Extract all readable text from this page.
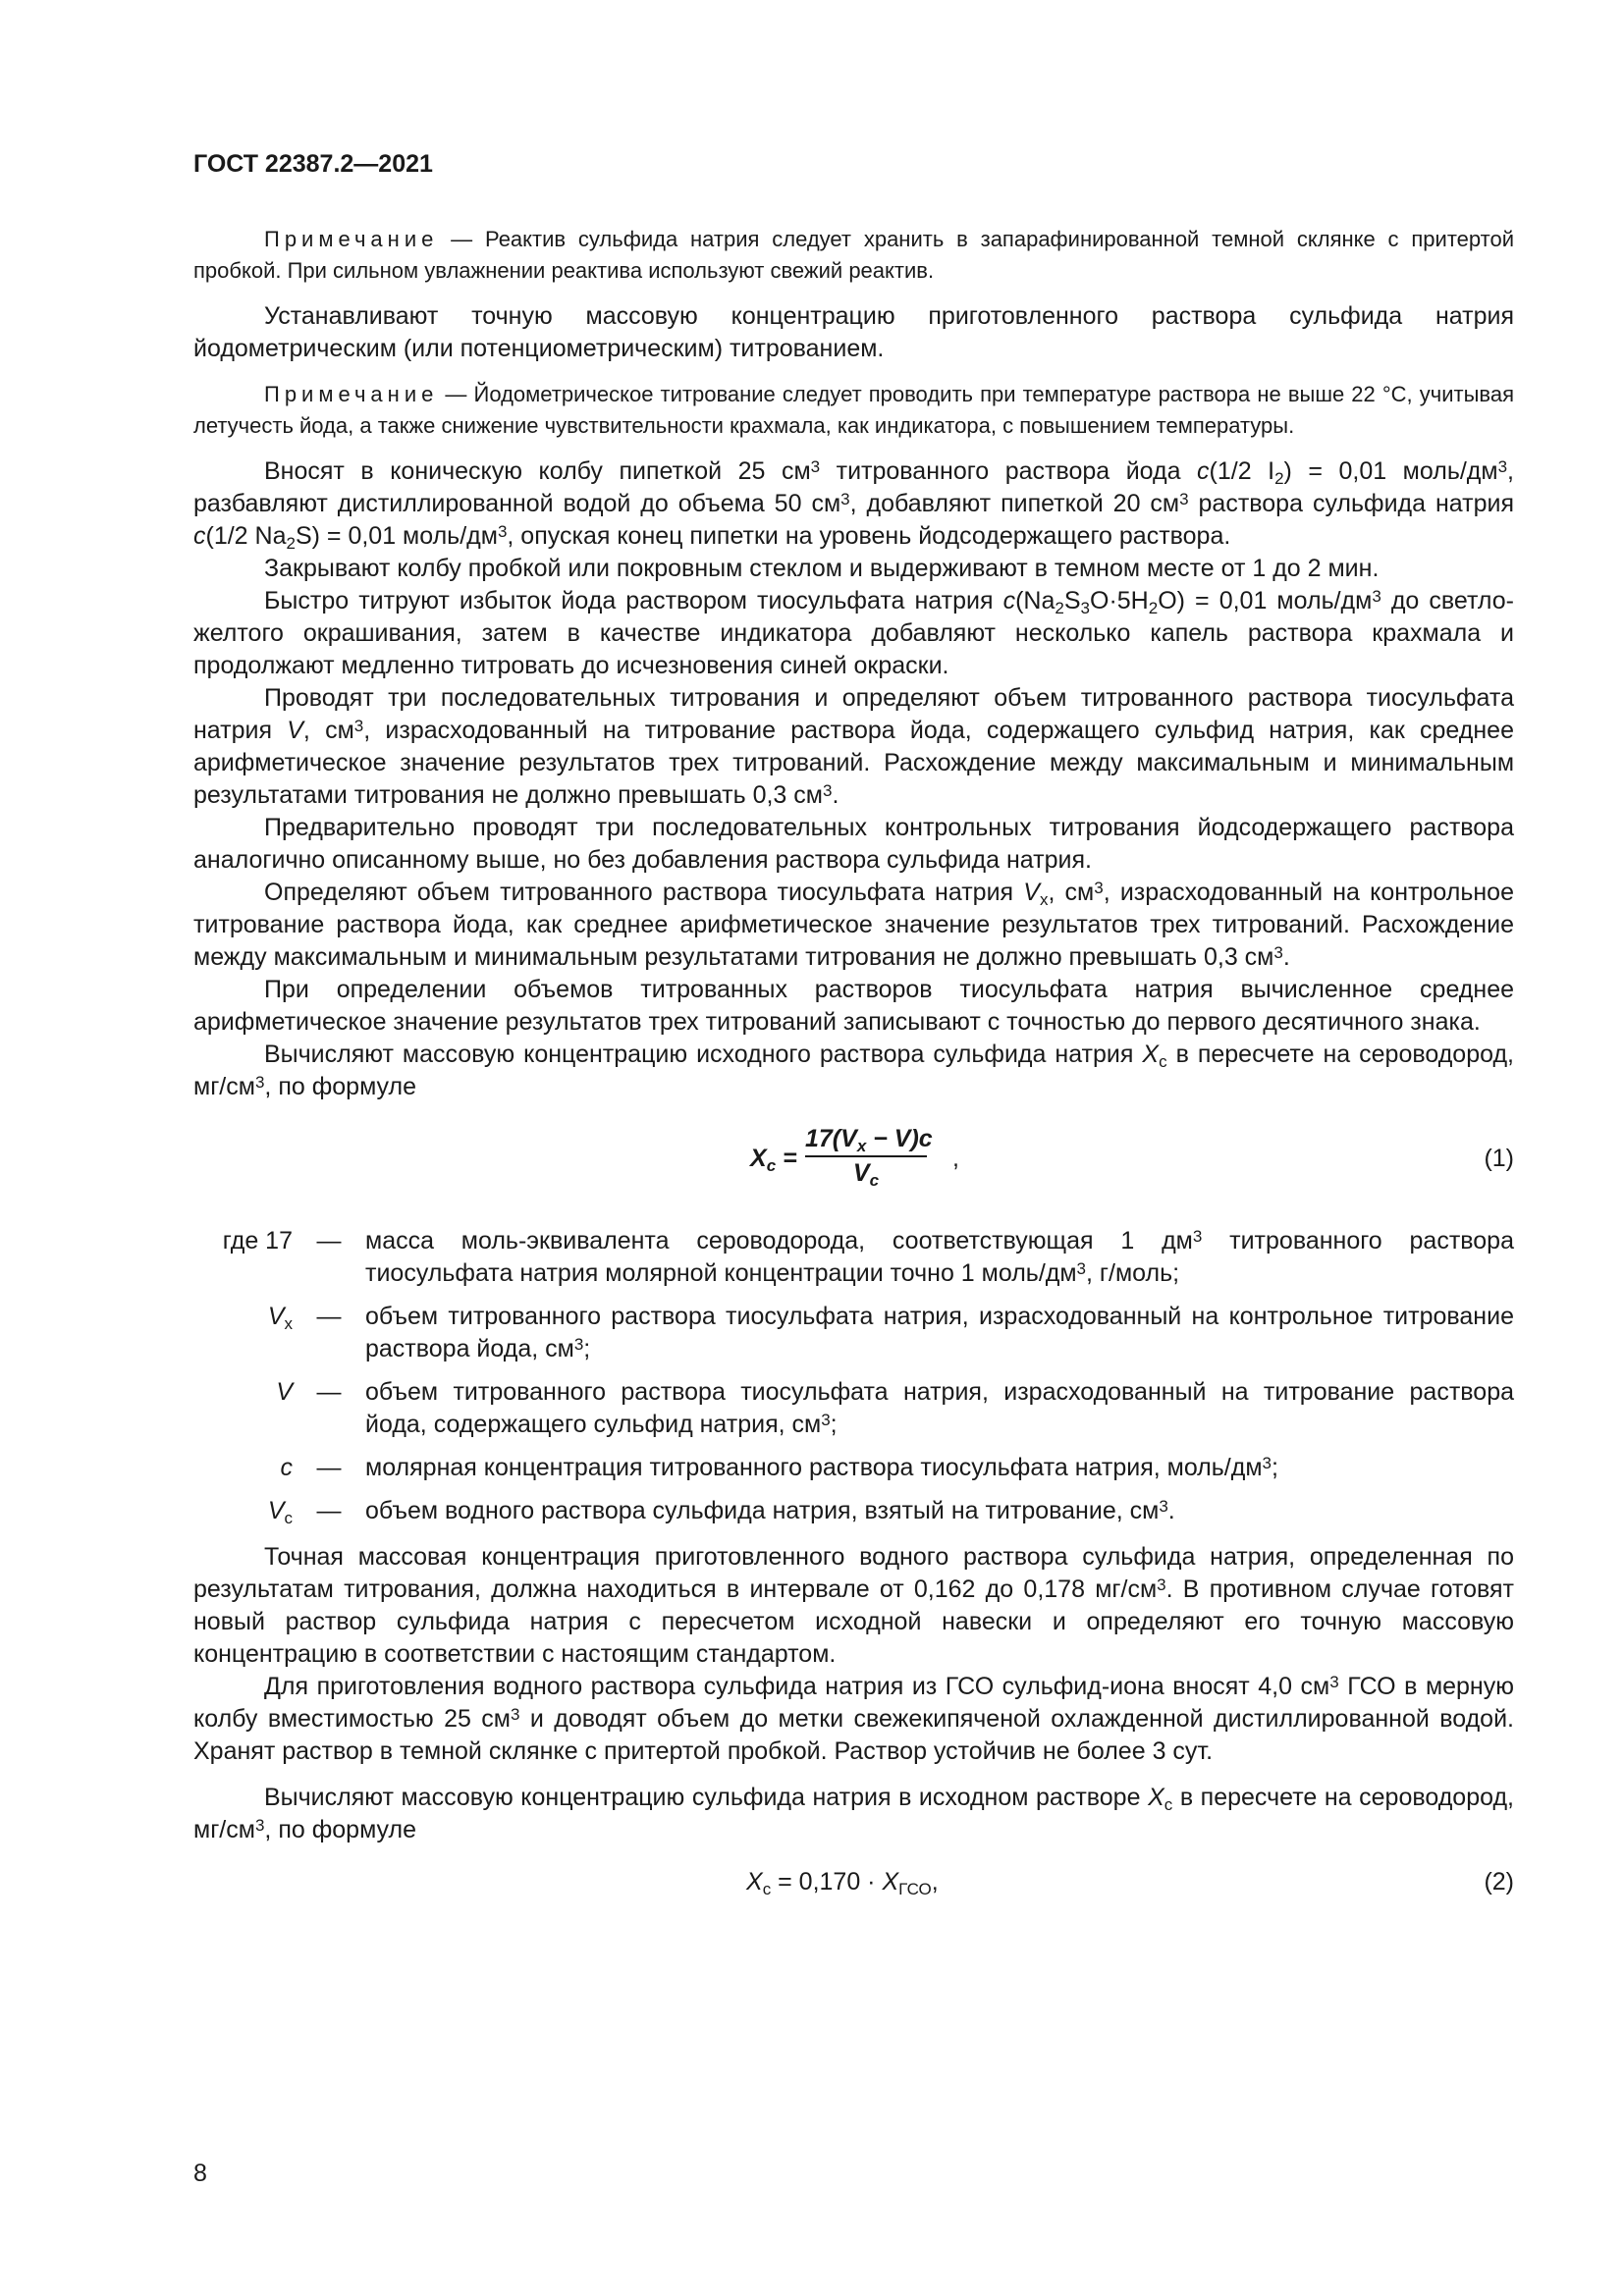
ГОСТ 22387.2—2021

Примечание — Реактив сульфида натрия следует хранить в запарафинированной темной склянке с притертой пробкой. При сильном увлажнении реактива используют свежий реактив.

Устанавливают точную массовую концентрацию приготовленного раствора сульфида натрия йодометрическим (или потенциометрическим) титрованием.

Примечание — Йодометрическое титрование следует проводить при температуре раствора не выше 22 °С, учитывая летучесть йода, а также снижение чувствительности крахмала, как индикатора, с повышением температуры.

Вносят в коническую колбу пипеткой 25 $см^3$ титрованного раствора йода c(1/2 $I_2) = 0,01$ моль/$дм^3$, разбавляют дистиллированной водой до объема 50 $см^3$, добавляют пипеткой 20 $см^3$ раствора сульфида натрия c(1/2 $Na_2S) = 0,01$ моль/$дм^3$, опуская конец пипетки на уровень йодсодержащего раствора.

Закрывают колбу пробкой или покровным стеклом и выдерживают в темном месте от 1 до 2 мин.

Быстро титруют избыток йода раствором тиосульфата натрия $c(Na_2S_3O\cdot 5H_2O) = 0,01$ моль/$дм^3$ до светло-желтого окрашивания, затем в качестве индикатора добавляют несколько капель раствора крахмала и продолжают медленно титровать до исчезновения синей окраски.

Проводят три последовательных титрования и определяют объем титрованного раствора тиосульфата натрия V, $см^3$, израсходованный на титрование раствора йода, содержащего сульфид натрия, как среднее арифметическое значение результатов трех титрований. Расхождение между максимальным и минимальным результатами титрования не должно превышать 0,3 $см^3$.

Предварительно проводят три последовательных контрольных титрования йодсодержащего раствора аналогично описанному выше, но без добавления раствора сульфида натрия.

Определяют объем титрованного раствора тиосульфата натрия $V_x$, $см^3$, израсходованный на контрольное титрование раствора йода, как среднее арифметическое значение результатов трех титрований. Расхождение между максимальным и минимальным результатами титрования не должно превышать 0,3 $см^3$.

При определении объемов титрованных растворов тиосульфата натрия вычисленное среднее арифметическое значение результатов трех титрований записывают с точностью до первого десятичного знака.

Вычисляют массовую концентрацию исходного раствора сульфида натрия $X_c$ в пересчете на сероводород, $мг/см^3$, по формуле

$X_c = \frac{17(V_x - V)c}{V_c}$ ,	(1)
где 17 — масса моль-эквивалента сероводорода, соответствующая 1 $дм^3$ титрованного раствора тиосульфата натрия молярной концентрации точно 1 моль/$дм^3$, г/моль;
$V_x$ — объем титрованного раствора тиосульфата натрия, израсходованный на контрольное титрование раствора йода, $см^3$;
V — объем титрованного раствора тиосульфата натрия, израсходованный на титрование раствора йода, содержащего сульфид натрия, $см^3$;
c — молярная концентрация титрованного раствора тиосульфата натрия, моль/$дм^3$;
$V_c$ — объем водного раствора сульфида натрия, взятый на титрование, $см^3$.

Точная массовая концентрация приготовленного водного раствора сульфида натрия, определенная по результатам титрования, должна находиться в интервале от 0,162 до 0,178 $мг/см^3$. В противном случае готовят новый раствор сульфида натрия с пересчетом исходной навески и определяют его точную массовую концентрацию в соответствии с настоящим стандартом.

Для приготовления водного раствора сульфида натрия из ГСО сульфид-иона вносят 4,0 $см^3$ ГСО в мерную колбу вместимостью 25 $см^3$ и доводят объем до метки свежекипяченой охлажденной дистиллированной водой. Хранят раствор в темной склянке с притертой пробкой. Раствор устойчив не более 3 сут.

Вычисляют массовую концентрацию сульфида натрия в исходном растворе $X_c$ в пересчете на сероводород, $мг/см^3$, по формуле

$X_c = 0,170 \cdot X_{ГСО}$,	(2)
8
